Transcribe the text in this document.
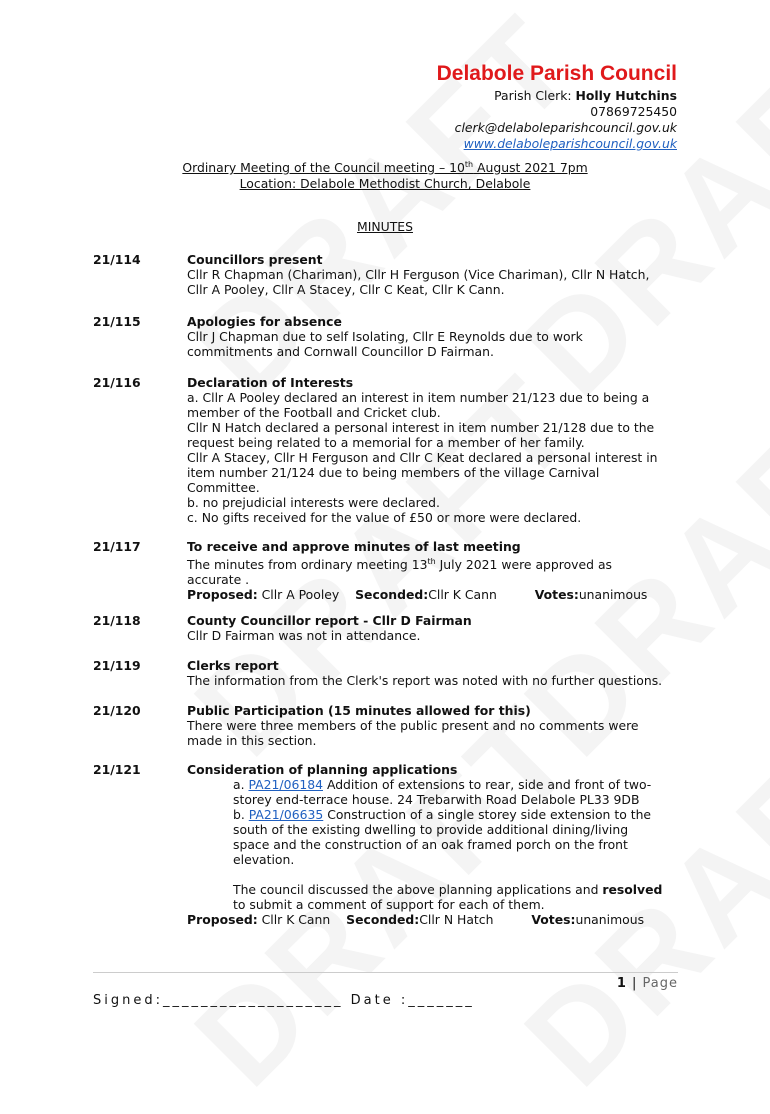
Delabole Parish Council
Parish Clerk: Holly Hutchins
07869725450
clerk@delaboleparishcouncil.gov.uk
www.delaboleparishcouncil.gov.uk
Ordinary Meeting of the Council meeting – 10th August 2021 7pm
Location: Delabole Methodist Church, Delabole
MINUTES
21/114	Councillors present
Cllr R Chapman (Chariman), Cllr H Ferguson (Vice Chariman), Cllr N Hatch, Cllr A Pooley, Cllr A Stacey, Cllr C Keat, Cllr K Cann.
21/115	Apologies for absence
Cllr J Chapman due to self Isolating, Cllr E Reynolds due to work commitments and Cornwall Councillor D Fairman.
21/116	Declaration of Interests
a. Cllr A Pooley declared an interest in item number 21/123 due to being a member of the Football and Cricket club.
Cllr N Hatch declared a personal interest in item number 21/128 due to the request being related to a memorial for a member of her family.
Cllr A Stacey, Cllr H Ferguson and Cllr C Keat declared a personal interest in item number 21/124 due to being members of the village Carnival Committee.
b. no prejudicial interests were declared.
c. No gifts received for the value of £50 or more were declared.
21/117	To receive and approve minutes of last meeting
The minutes from ordinary meeting 13th July 2021 were approved as accurate .
Proposed: Cllr A Pooley Seconded:Cllr K Cann	Votes:unanimous
21/118	County Councillor report - Cllr D Fairman
Cllr D Fairman was not in attendance.
21/119	Clerks report
The information from the Clerk's report was noted with no further questions.
21/120	Public Participation (15 minutes allowed for this)
There were three members of the public present and no comments were made in this section.
21/121	Consideration of planning applications
a. PA21/06184 Addition of extensions to rear, side and front of two-storey end-terrace house. 24 Trebarwith Road Delabole PL33 9DB
b. PA21/06635 Construction of a single storey side extension to the south of the existing dwelling to provide additional dining/living space and the construction of an oak framed porch on the front elevation.
The council discussed the above planning applications and resolved to submit a comment of support for each of them.
Proposed: Cllr K Cann Seconded:Cllr N Hatch	Votes:unanimous
1 | Page
Signed:___________________ Date :_______
